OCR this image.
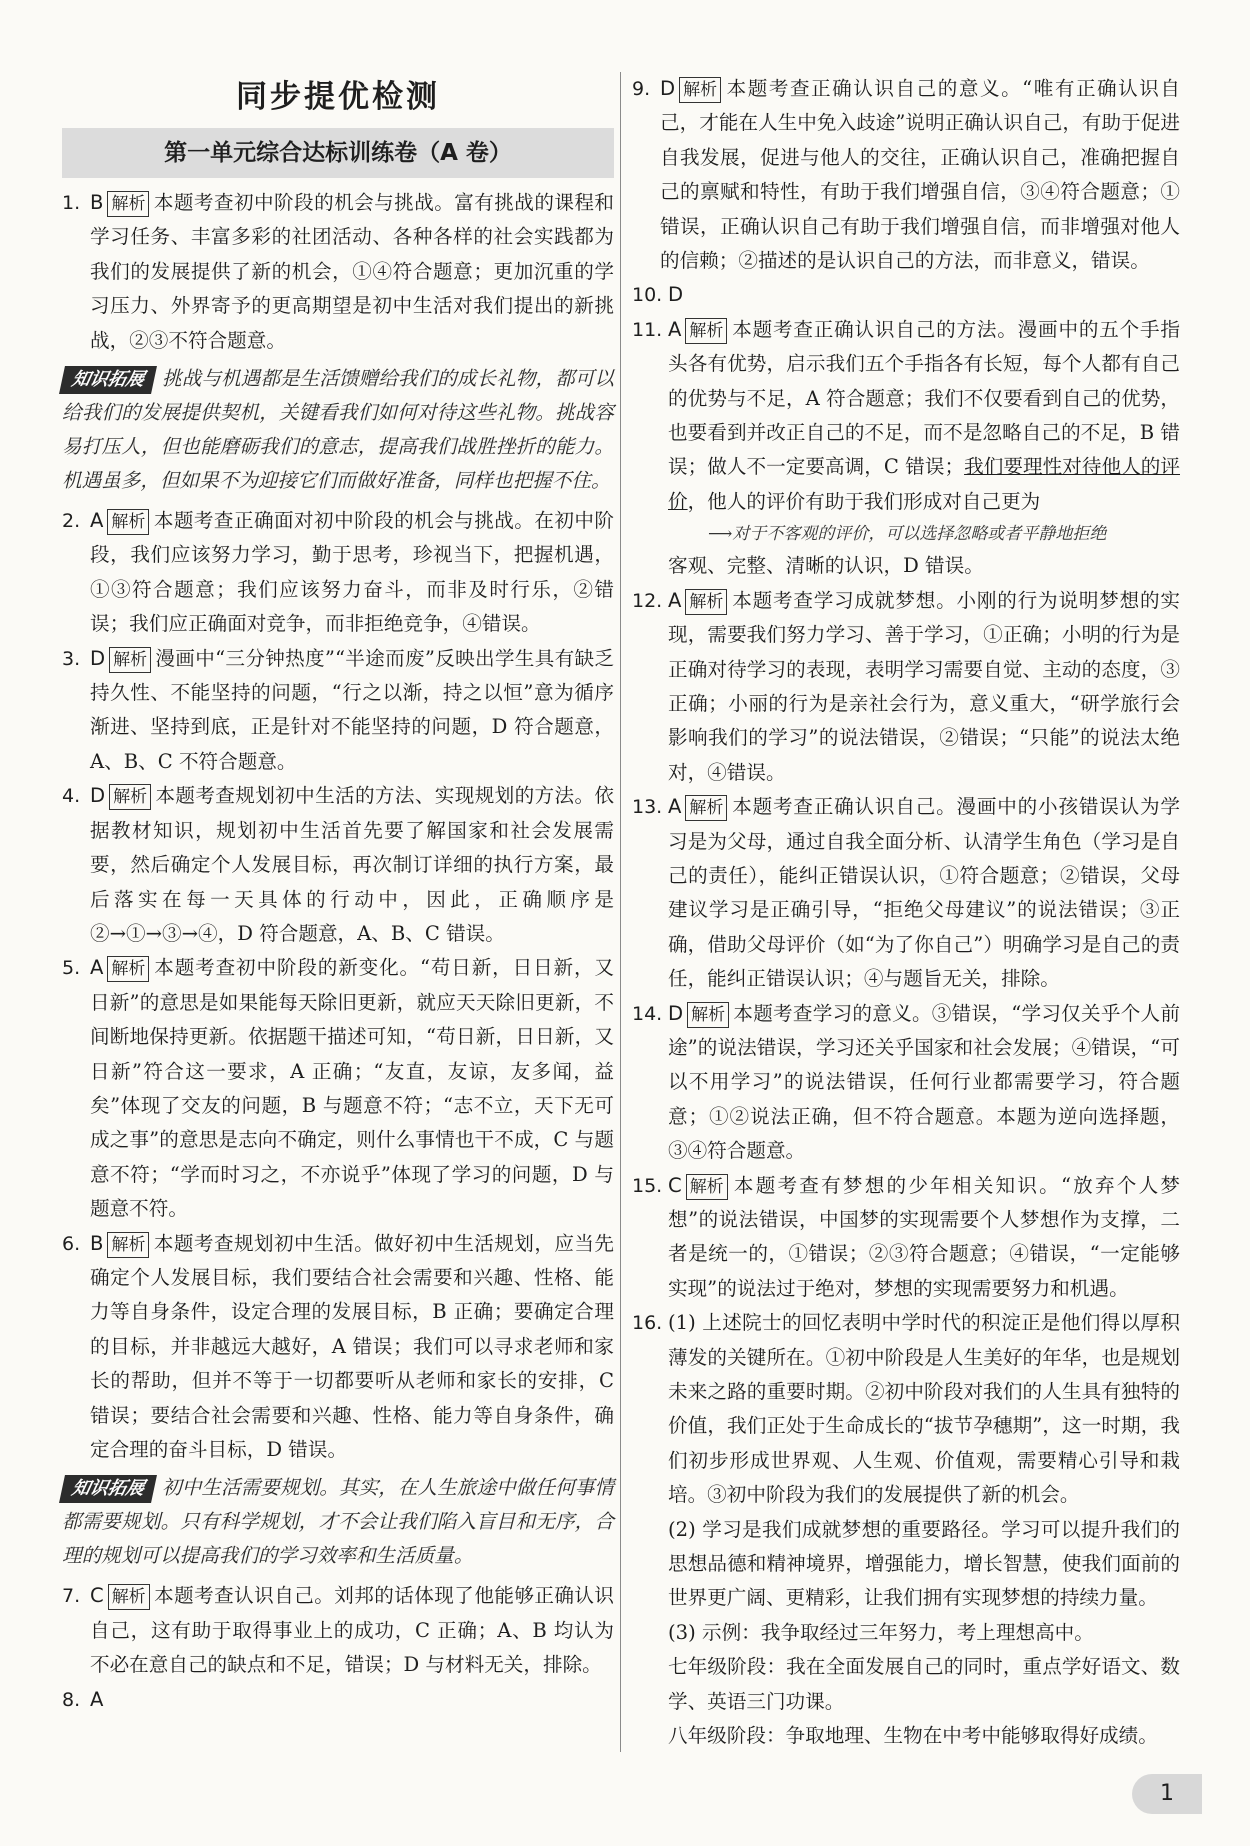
同步提优检测
第一单元综合达标训练卷（A 卷）
1. B 解析 本题考查初中阶段的机会与挑战。富有挑战的课程和学习任务、丰富多彩的社团活动、各种各样的社会实践都为我们的发展提供了新的机会，①④符合题意；更加沉重的学习压力、外界寄予的更高期望是初中生活对我们提出的新挑战，②③不符合题意。
知识拓展 挑战与机遇都是生活馈赠给我们的成长礼物，都可以给我们的发展提供契机，关键看我们如何对待这些礼物。挑战容易打压人，但也能磨砺我们的意志，提高我们战胜挫折的能力。机遇虽多，但如果不为迎接它们而做好准备，同样也把握不住。
2. A 解析 本题考查正确面对初中阶段的机会与挑战。在初中阶段，我们应该努力学习，勤于思考，珍视当下，把握机遇，①③符合题意；我们应该努力奋斗，而非及时行乐，②错误；我们应正确面对竞争，而非拒绝竞争，④错误。
3. D 解析 漫画中“三分钟热度”“半途而废”反映出学生具有缺乏持久性、不能坚持的问题，“行之以渐，持之以恒”意为循序渐进、坚持到底，正是针对不能坚持的问题，D 符合题意，A、B、C 不符合题意。
4. D 解析 本题考查规划初中生活的方法、实现规划的方法。依据教材知识，规划初中生活首先要了解国家和社会发展需要，然后确定个人发展目标，再次制订详细的执行方案，最后落实在每一天具体的行动中，因此，正确顺序是②→①→③→④，D 符合题意，A、B、C 错误。
5. A 解析 本题考查初中阶段的新变化。“苟日新，日日新，又日新”的意思是如果能每天除旧更新，就应天天除旧更新，不间断地保持更新。依据题干描述可知，“苟日新，日日新，又日新”符合这一要求，A 正确；“友直，友谅，友多闻，益矣”体现了交友的问题，B 与题意不符；“志不立，天下无可成之事”的意思是志向不确定，则什么事情也干不成，C 与题意不符；“学而时习之，不亦说乎”体现了学习的问题，D 与题意不符。
6. B 解析 本题考查规划初中生活。做好初中生活规划，应当先确定个人发展目标，我们要结合社会需要和兴趣、性格、能力等自身条件，设定合理的发展目标，B 正确；要确定合理的目标，并非越远大越好，A 错误；我们可以寻求老师和家长的帮助，但并不等于一切都要听从老师和家长的安排，C 错误；要结合社会需要和兴趣、性格、能力等自身条件，确定合理的奋斗目标，D 错误。
知识拓展 初中生活需要规划。其实，在人生旅途中做任何事情都需要规划。只有科学规划，才不会让我们陷入盲目和无序，合理的规划可以提高我们的学习效率和生活质量。
7. C 解析 本题考查认识自己。刘邦的话体现了他能够正确认识自己，这有助于取得事业上的成功，C 正确；A、B 均认为不必在意自己的缺点和不足，错误；D 与材料无关，排除。
8. A
9. D 解析 本题考查正确认识自己的意义。“唯有正确认识自己，才能在人生中免入歧途”说明正确认识自己，有助于促进自我发展，促进与他人的交往，正确认识自己，准确把握自己的禀赋和特性，有助于我们增强自信，③④符合题意；①错误，正确认识自己有助于我们增强自信，而非增强对他人的信赖；②描述的是认识自己的方法，而非意义，错误。
10. D
11. A 解析 本题考查正确认识自己的方法。漫画中的五个手指头各有优势，启示我们五个手指各有长短，每个人都有自己的优势与不足，A 符合题意；我们不仅要看到自己的优势，也要看到并改正自己的不足，而不是忽略自己的不足，B 错误；做人不一定要高调，C 错误；我们要理性对待他人的评价，他人的评价有助于我们形成对自己更为
⟶对于不客观的评价，可以选择忽略或者平静地拒绝
客观、完整、清晰的认识，D 错误。
12. A 解析 本题考查学习成就梦想。小刚的行为说明梦想的实现，需要我们努力学习、善于学习，①正确；小明的行为是正确对待学习的表现，表明学习需要自觉、主动的态度，③正确；小丽的行为是亲社会行为，意义重大，“研学旅行会影响我们的学习”的说法错误，②错误；“只能”的说法太绝对，④错误。
13. A 解析 本题考查正确认识自己。漫画中的小孩错误认为学习是为父母，通过自我全面分析、认清学生角色（学习是自己的责任），能纠正错误认识，①符合题意；②错误，父母建议学习是正确引导，“拒绝父母建议”的说法错误；③正确，借助父母评价（如“为了你自己”）明确学习是自己的责任，能纠正错误认识；④与题旨无关，排除。
14. D 解析 本题考查学习的意义。③错误，“学习仅关乎个人前途”的说法错误，学习还关乎国家和社会发展；④错误，“可以不用学习”的说法错误，任何行业都需要学习，符合题意；①②说法正确，但不符合题意。本题为逆向选择题，③④符合题意。
15. C 解析 本题考查有梦想的少年相关知识。“放弃个人梦想”的说法错误，中国梦的实现需要个人梦想作为支撑，二者是统一的，①错误；②③符合题意；④错误，“一定能够实现”的说法过于绝对，梦想的实现需要努力和机遇。
16. (1) 上述院士的回忆表明中学时代的积淀正是他们得以厚积薄发的关键所在。①初中阶段是人生美好的年华，也是规划未来之路的重要时期。②初中阶段对我们的人生具有独特的价值，我们正处于生命成长的“拔节孕穗期”，这一时期，我们初步形成世界观、人生观、价值观，需要精心引导和栽培。③初中阶段为我们的发展提供了新的机会。
(2) 学习是我们成就梦想的重要路径。学习可以提升我们的思想品德和精神境界，增强能力，增长智慧，使我们面前的世界更广阔、更精彩，让我们拥有实现梦想的持续力量。
(3) 示例：我争取经过三年努力，考上理想高中。
七年级阶段：我在全面发展自己的同时，重点学好语文、数学、英语三门功课。
八年级阶段：争取地理、生物在中考中能够取得好成绩。
1
